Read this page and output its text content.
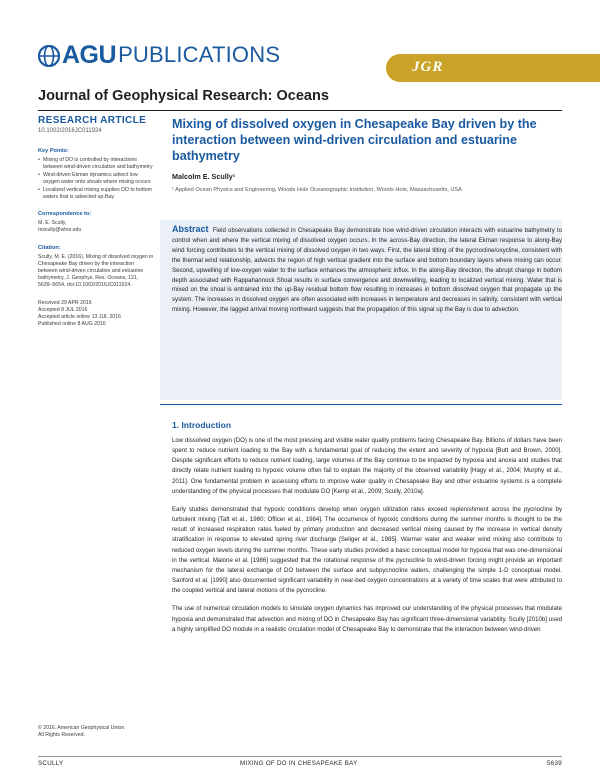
AGU PUBLICATIONS	JGR
Journal of Geophysical Research: Oceans
RESEARCH ARTICLE
10.1002/2016JC011924
Key Points:
• Mixing of DO is controlled by interactions between wind-driven circulation and bathymetry
• Wind-driven Ekman dynamics advect low oxygen water onto shoals where mixing occurs
• Localized vertical mixing supplies DO to bottom waters that is advected up-Bay
Correspondence to:

M. E. Scully,

mscully@whoi.edu

Citation:

Scully, M. E. (2016), Mixing of dissolved oxygen in Chesapeake Bay driven by the interaction between wind-driven circulation and estuarine bathymetry, J. Geophys. Res. Oceans, 121, 5639–5654, doi:10.1002/2016JC011924.

Received 29 APR 2016

Accepted 8 JUL 2016

Accepted article online 13 JUL 2016

Published online 8 AUG 2016

© 2016. American Geophysical Union.

All Rights Reserved.

Mixing of dissolved oxygen in Chesapeake Bay driven by the interaction between wind-driven circulation and estuarine bathymetry
Malcolm E. Scully¹
¹ Applied Ocean Physics and Engineering, Woods Hole Oceanographic Institution, Woods Hole, Massachusetts, USA
Abstract Field observations collected in Chesapeake Bay demonstrate how wind-driven circulation interacts with estuarine bathymetry to control when and where the vertical mixing of dissolved oxygen occurs. In the across-Bay direction, the lateral Ekman response to along-Bay wind forcing contributes to the vertical mixing of dissolved oxygen in two ways. First, the lateral tilting of the pycnocline/oxycline, consistent with the thermal wind relationship, advects the region of high vertical gradient into the surface and bottom boundary layers where mixing can occur. Second, upwelling of low-oxygen water to the surface enhances the atmospheric influx. In the along-Bay direction, the abrupt change in bottom depth associated with Rappahannock Shoal results in surface convergence and downwelling, leading to localized vertical mixing. Water that is mixed on the shoal is entrained into the up-Bay residual bottom flow resulting in increases in bottom dissolved oxygen that propagate up the system. The increases in dissolved oxygen are often associated with increases in temperature and decreases in salinity, consistent with vertical mixing. However, the lagged arrival moving northward suggests that the propagation of this signal up the Bay is due to advection.
1. Introduction

Low dissolved oxygen (DO) is one of the most pressing and visible water quality problems facing Chesapeake Bay. Billions of dollars have been spent to reduce nutrient loading to the Bay with a fundamental goal of reducing the extent and severity of hypoxia [Butt and Brown, 2000]. Despite significant efforts to reduce nutrient loading, large volumes of the Bay continue to be impacted by hypoxia and anoxia and studies that directly relate nutrient loading to hypoxic volume often fail to explain the majority of the observed variability [Hagy et al., 2004; Murphy et al., 2011]. One fundamental problem in assessing efforts to improve water quality in Chesapeake Bay and other estuarine systems is a complete understanding of the physical processes that modulate DO [Kemp et al., 2009; Scully, 2010a].

Early studies demonstrated that hypoxic conditions develop when oxygen utilization rates exceed replenishment across the pycnocline by turbulent mixing [Taft et al., 1980; Officer et al., 1984]. The occurrence of hypoxic conditions during the summer months is thought to be the result of increased respiration rates fueled by primary production and decreased vertical mixing caused by the increase in vertical density stratification in response to elevated spring river discharge [Seliger et al., 1985]. Warmer water and weaker wind mixing also contribute to reduced oxygen levels during the summer months. These early studies provided a basic conceptual model for hypoxia that was one-dimensional in the vertical. Malone et al. [1986] suggested that the rotational response of the pycnocline to wind-driven forcing might provide an important mechanism for the lateral exchange of DO between the surface and subpycnocline waters, challenging the simple 1-D conceptual model. Sanford et al. [1990] also documented significant variability in near-bed oxygen concentrations at a variety of time scales that were attributed to the coupled vertical and lateral motions of the pycnocline.

The use of numerical circulation models to simulate oxygen dynamics has improved our understanding of the physical processes that modulate hypoxia and demonstrated that advection and mixing of DO in Chesapeake Bay has significant three-dimensional variability. Scully [2010b] used a highly simplified DO module in a realistic circulation model of Chesapeake Bay to demonstrate that the interaction between wind-driven

SCULLY	MIXING OF DO IN CHESAPEAKE BAY	5639
